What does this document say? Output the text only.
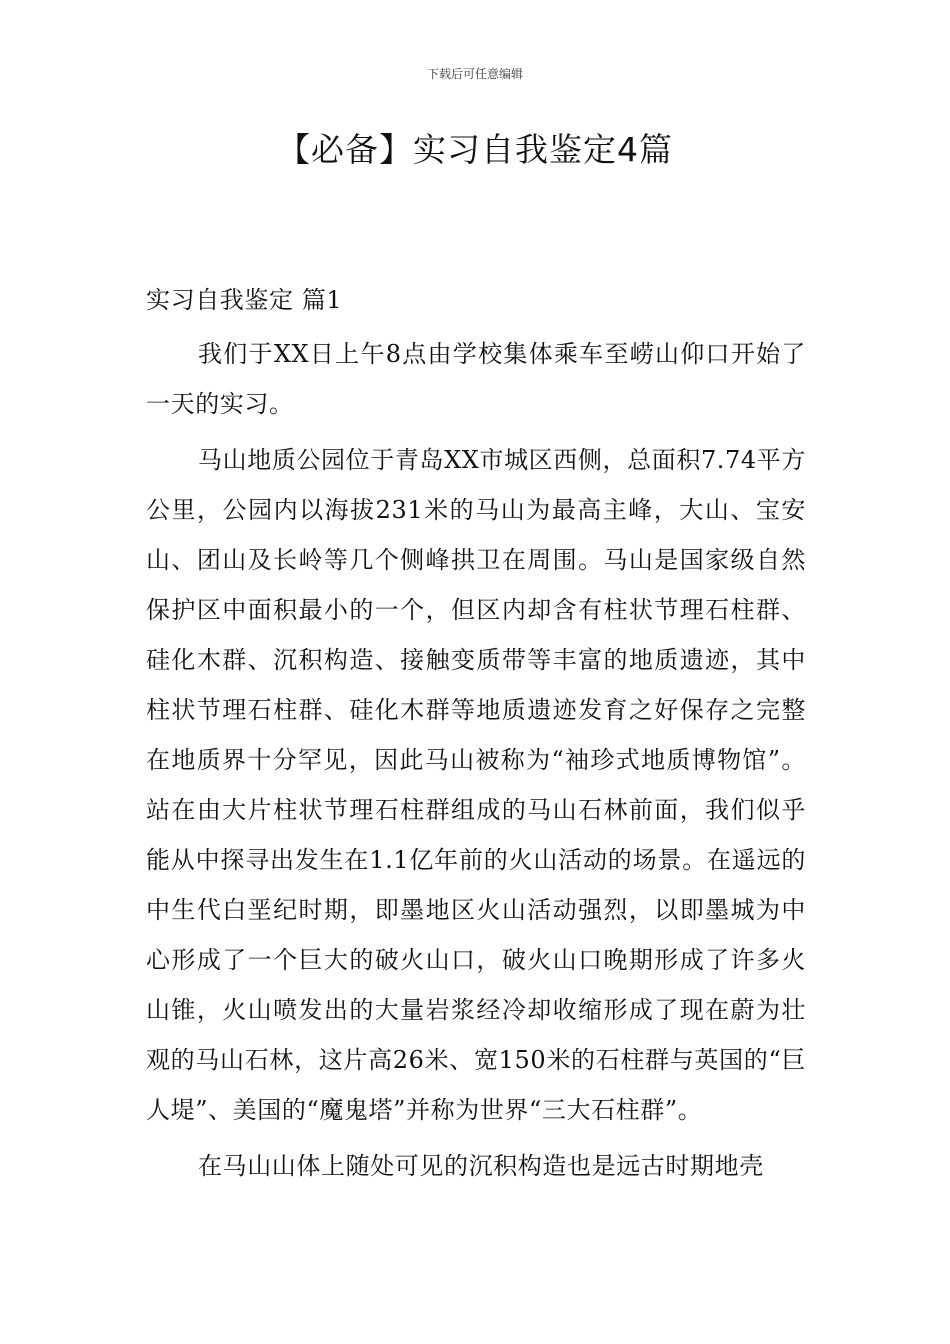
下载后可任意编辑
【必备】实习自我鉴定4篇
实习自我鉴定 篇1

我们于XX日上午8点由学校集体乘车至崂山仰口开始了一天的实习。

马山地质公园位于青岛XX市城区西侧，总面积7.74平方公里，公园内以海拔231米的马山为最高主峰，大山、宝安山、团山及长岭等几个侧峰拱卫在周围。马山是国家级自然保护区中面积最小的一个，但区内却含有柱状节理石柱群、硅化木群、沉积构造、接触变质带等丰富的地质遗迹，其中柱状节理石柱群、硅化木群等地质遗迹发育之好保存之完整在地质界十分罕见，因此马山被称为“袖珍式地质博物馆”。站在由大片柱状节理石柱群组成的马山石林前面，我们似乎能从中探寻出发生在1.1亿年前的火山活动的场景。在遥远的中生代白垩纪时期，即墨地区火山活动强烈，以即墨城为中心形成了一个巨大的破火山口，破火山口晚期形成了许多火山锥，火山喷发出的大量岩浆经冷却收缩形成了现在蔚为壮观的马山石林，这片高26米、宽150米的石柱群与英国的“巨人堤”、美国的“魔鬼塔”并称为世界“三大石柱群”。

在马山山体上随处可见的沉积构造也是远古时期地壳
